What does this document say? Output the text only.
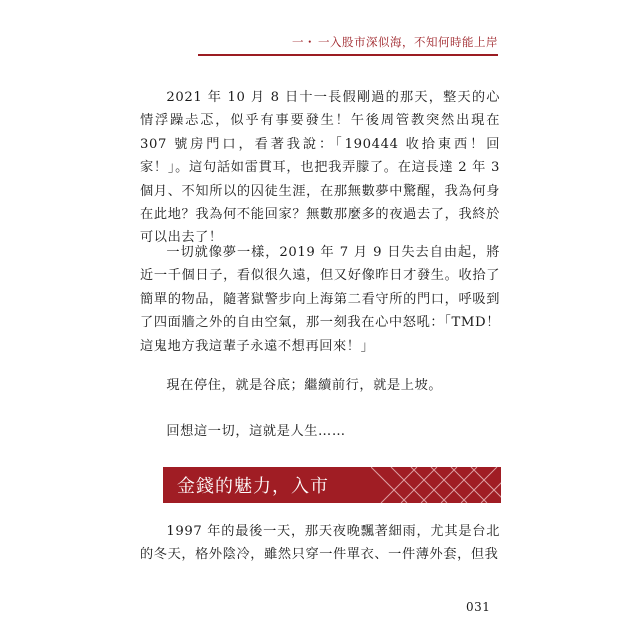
一・ 一入股市深似海，不知何時能上岸

2021 年 10 月 8 日十一長假剛過的那天，整天的心情浮躁忐忑，似乎有事要發生！午後周管教突然出現在 307 號房門口，看著我說：「190444 收拾東西！回家！」。這句話如雷貫耳，也把我弄朦了。在這長達 2 年 3 個月、不知所以的囚徒生涯，在那無數夢中驚醒，我為何身在此地？我為何不能回家？無數那麼多的夜過去了，我終於可以出去了！

一切就像夢一樣，2019 年 7 月 9 日失去自由起，將近一千個日子，看似很久遠，但又好像昨日才發生。收拾了簡單的物品，隨著獄警步向上海第二看守所的門口，呼吸到了四面牆之外的自由空氣，那一刻我在心中怒吼：「TMD！這鬼地方我這輩子永遠不想再回來！」

現在停住，就是谷底；繼續前行，就是上坡。

回想這一切，這就是人生……

金錢的魅力，入市

1997 年的最後一天，那天夜晚飄著細雨，尤其是台北的冬天，格外陰冷，雖然只穿一件單衣、一件薄外套，但我

031
